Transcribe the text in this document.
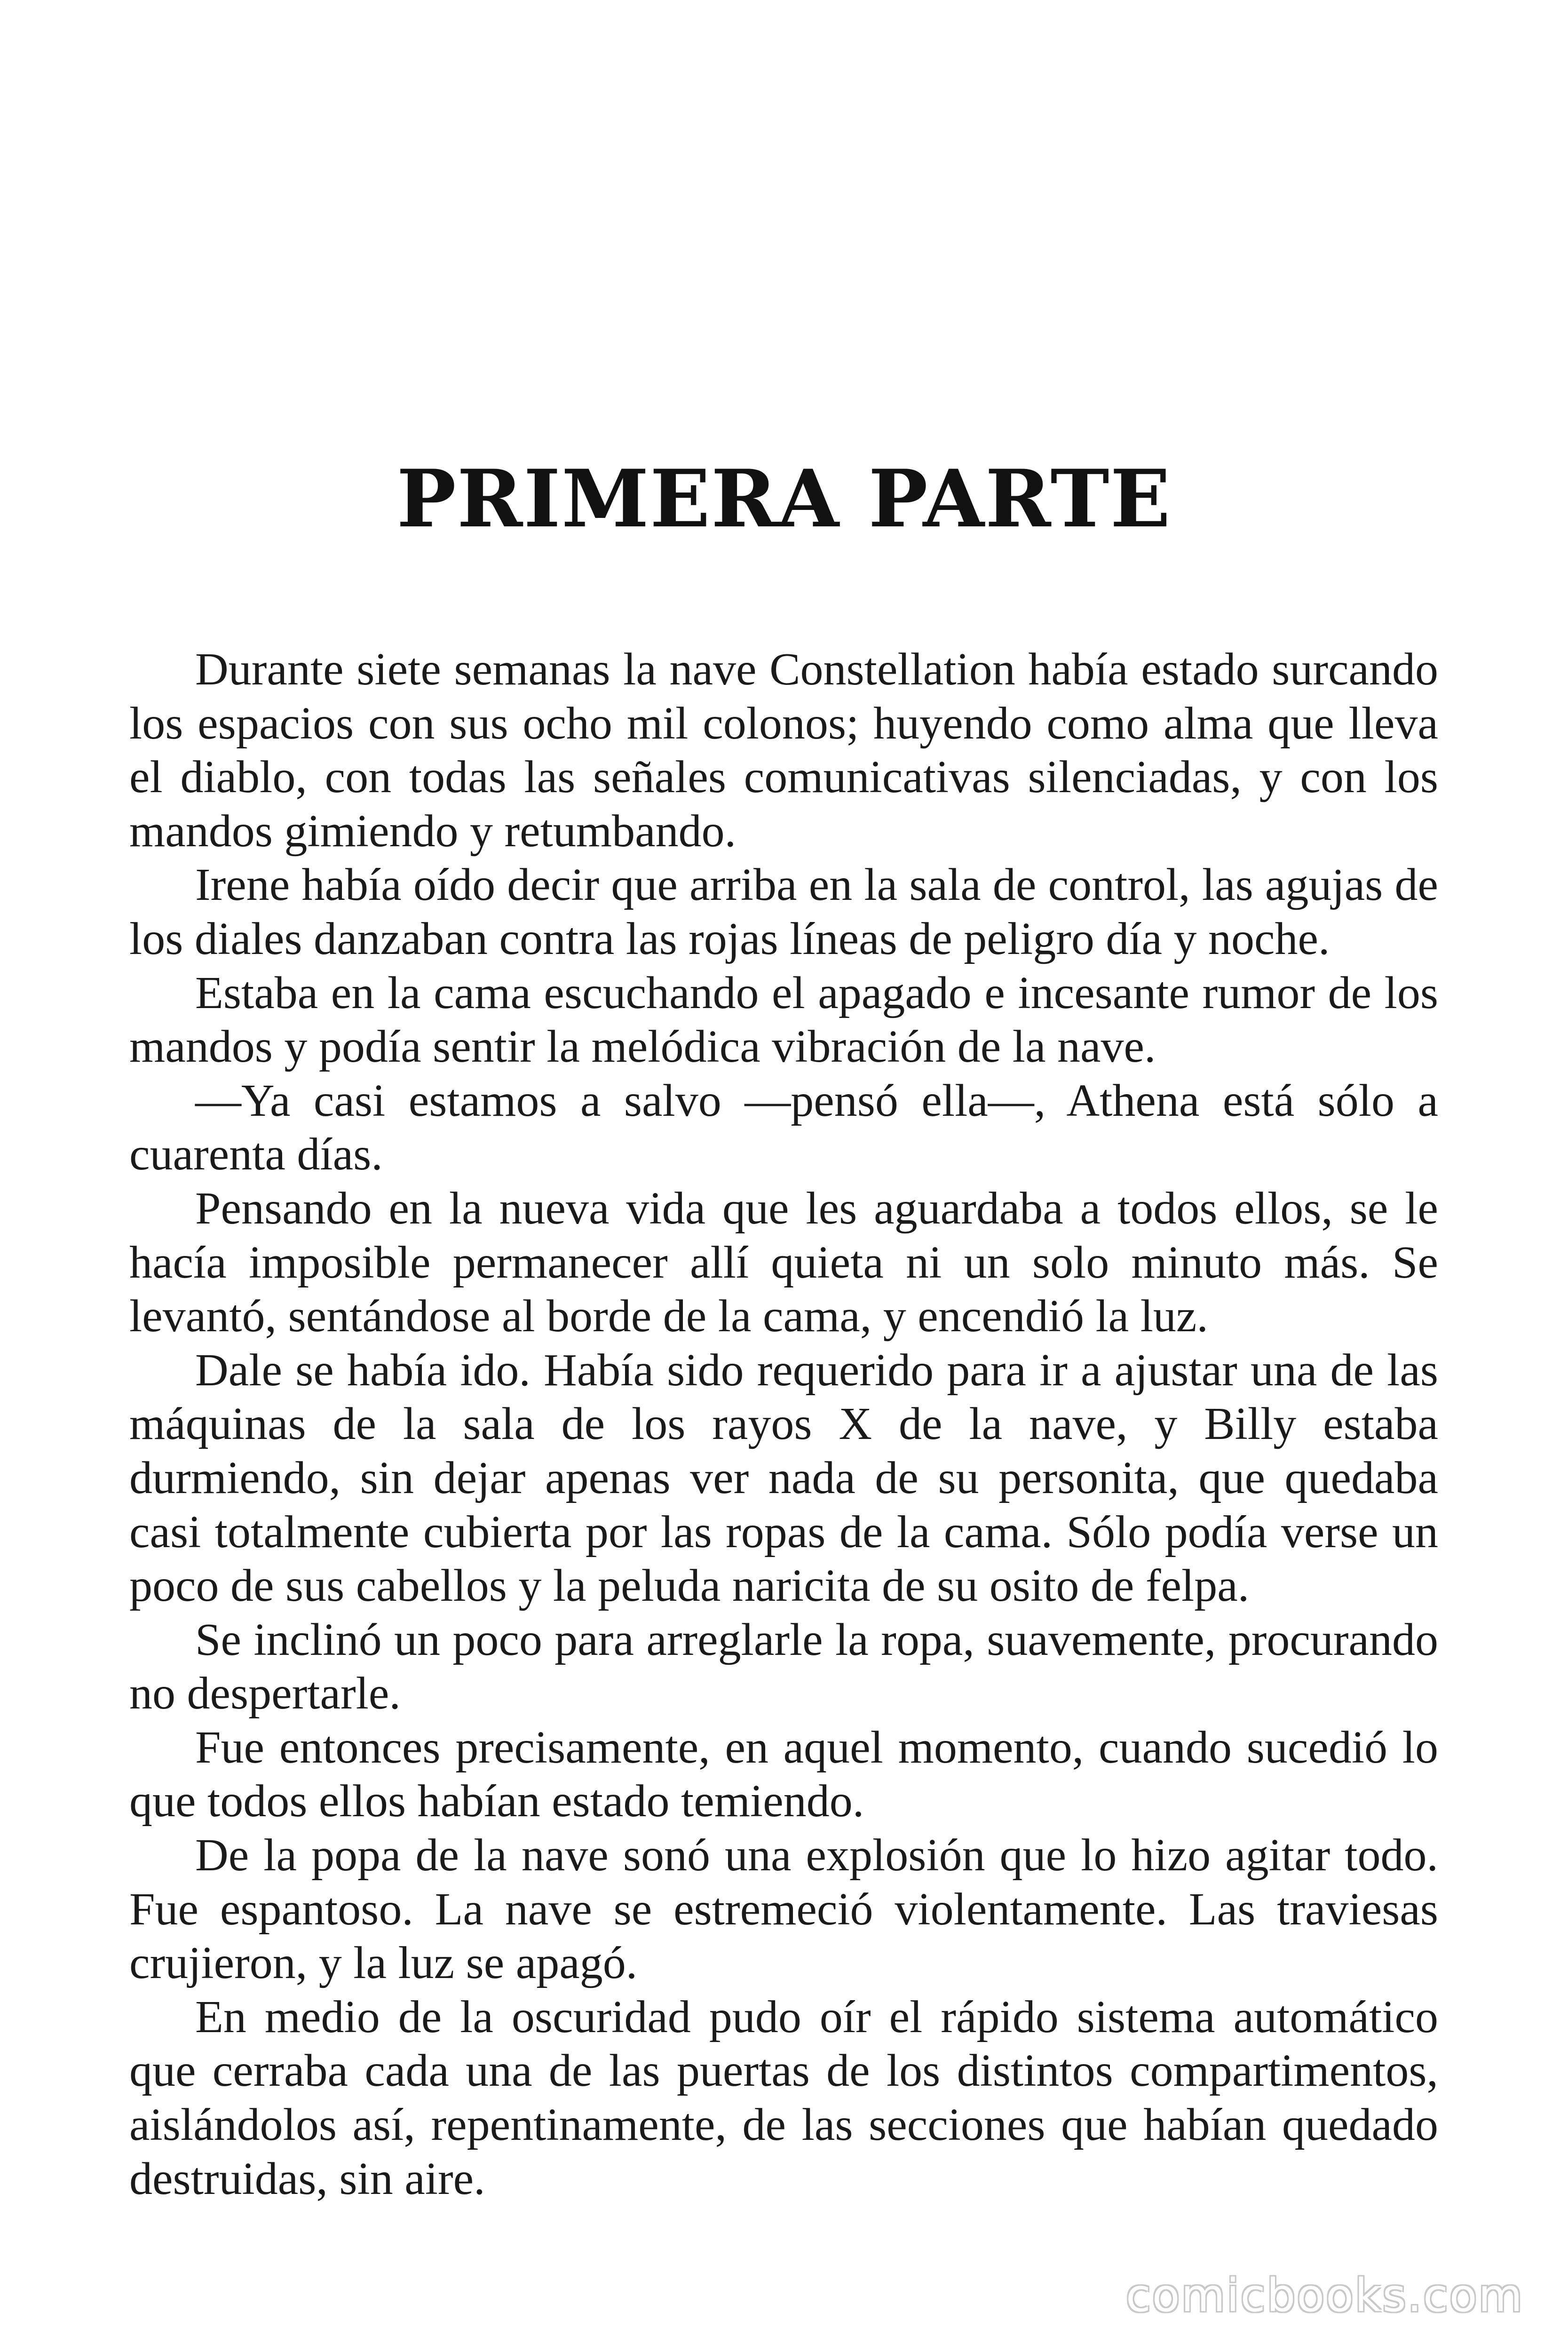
PRIMERA PARTE

Durante siete semanas la nave Constellation había estado surcando los espacios con sus ocho mil colonos; huyendo como alma que lleva el diablo, con todas las señales comunicativas silenciadas, y con los mandos gimiendo y retumbando.

Irene había oído decir que arriba en la sala de control, las agujas de los diales danzaban contra las rojas líneas de peligro día y noche.

Estaba en la cama escuchando el apagado e incesante rumor de los mandos y podía sentir la melódica vibración de la nave.

—Ya casi estamos a salvo —pensó ella—, Athena está sólo a cuarenta días.

Pensando en la nueva vida que les aguardaba a todos ellos, se le hacía imposible permanecer allí quieta ni un solo minuto más. Se levantó, sentándose al borde de la cama, y encendió la luz.

Dale se había ido. Había sido requerido para ir a ajustar una de las máquinas de la sala de los rayos X de la nave, y Billy estaba durmiendo, sin dejar apenas ver nada de su personita, que quedaba casi totalmente cubierta por las ropas de la cama. Sólo podía verse un poco de sus cabellos y la peluda naricita de su osito de felpa.

Se inclinó un poco para arreglarle la ropa, suavemente, procurando no despertarle.

Fue entonces precisamente, en aquel momento, cuando sucedió lo que todos ellos habían estado temiendo.

De la popa de la nave sonó una explosión que lo hizo agitar todo. Fue espantoso. La nave se estremeció violentamente. Las traviesas crujieron, y la luz se apagó.

En medio de la oscuridad pudo oír el rápido sistema automático que cerraba cada una de las puertas de los distintos compartimentos, aislándolos así, repentinamente, de las secciones que habían quedado destruidas, sin aire.

comicbooks.com
